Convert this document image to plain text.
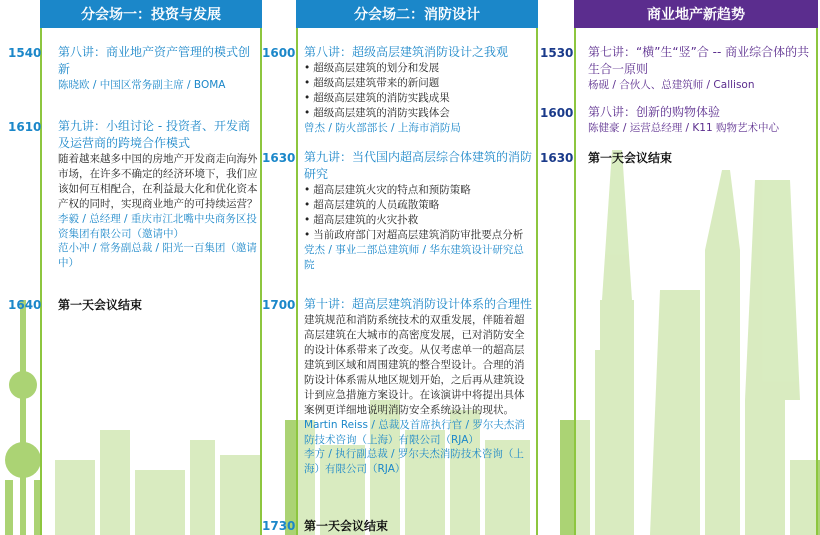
分会场一：投资与发展
1540 第八讲：商业地产资产管理的模式创新
陈晓欧 / 中国区常务副主席 / BOMA
1610 第九讲：小组讨论 - 投资者、开发商及运营商的跨境合作模式
随着越来越多中国的房地产开发商走向海外市场，在许多不确定的经济环境下，我们应该如何互相配合，在利益最大化和优化资本产权的同时，实现商业地产的可持续运营？
李毅 / 总经理 / 重庆市江北嘴中央商务区投资集团有限公司（邀请中）
范小冲 / 常务副总裁 / 阳光一百集团（邀请中）
1640 第一天会议结束
分会场二：消防设计
1600 第八讲：超级高层建筑消防设计之我观
• 超级高层建筑的划分和发展
• 超级高层建筑带来的新问题
• 超级高层建筑的消防实践成果
• 超级高层建筑的消防实践体会
曾杰 / 防火部部长 / 上海市消防局
1630 第九讲：当代国内超高层综合体建筑的消防研究
• 超高层建筑火灾的特点和预防策略
• 超高层建筑的人员疏散策略
• 超高层建筑的火灾扑救
• 当前政府部门对超高层建筑消防审批要点分析
党杰 / 事业二部总建筑师 / 华东建筑设计研究总院
1700 第十讲：超高层建筑消防设计体系的合理性
建筑规范和消防系统技术的双重发展，伴随着超高层建筑在大城市的高密度发展，已对消防安全的设计体系带来了改变。从仅考虑单一的超高层建筑到区域和周围建筑的整合型设计。合理的消防设计体系需从地区规划开始，之后再从建筑设计到应急措施方案设计。在该演讲中将提出具体案例更详细地说明消防安全系统设计的现状。
Martin Reiss / 总裁及首席执行官 / 罗尔夫杰消防技术咨询（上海）有限公司（RJA）
李方 / 执行副总裁 / 罗尔夫杰消防技术咨询（上海）有限公司（RJA）
1730 第一天会议结束
商业地产新趋势
1530 第七讲：“横”生“竖”合 -- 商业综合体的共生合一原则
杨砚 / 合伙人、总建筑师 / Callison
1600 第八讲：创新的购物体验
陈健豪 / 运营总经理 / K11 购物艺术中心
1630 第一天会议结束
